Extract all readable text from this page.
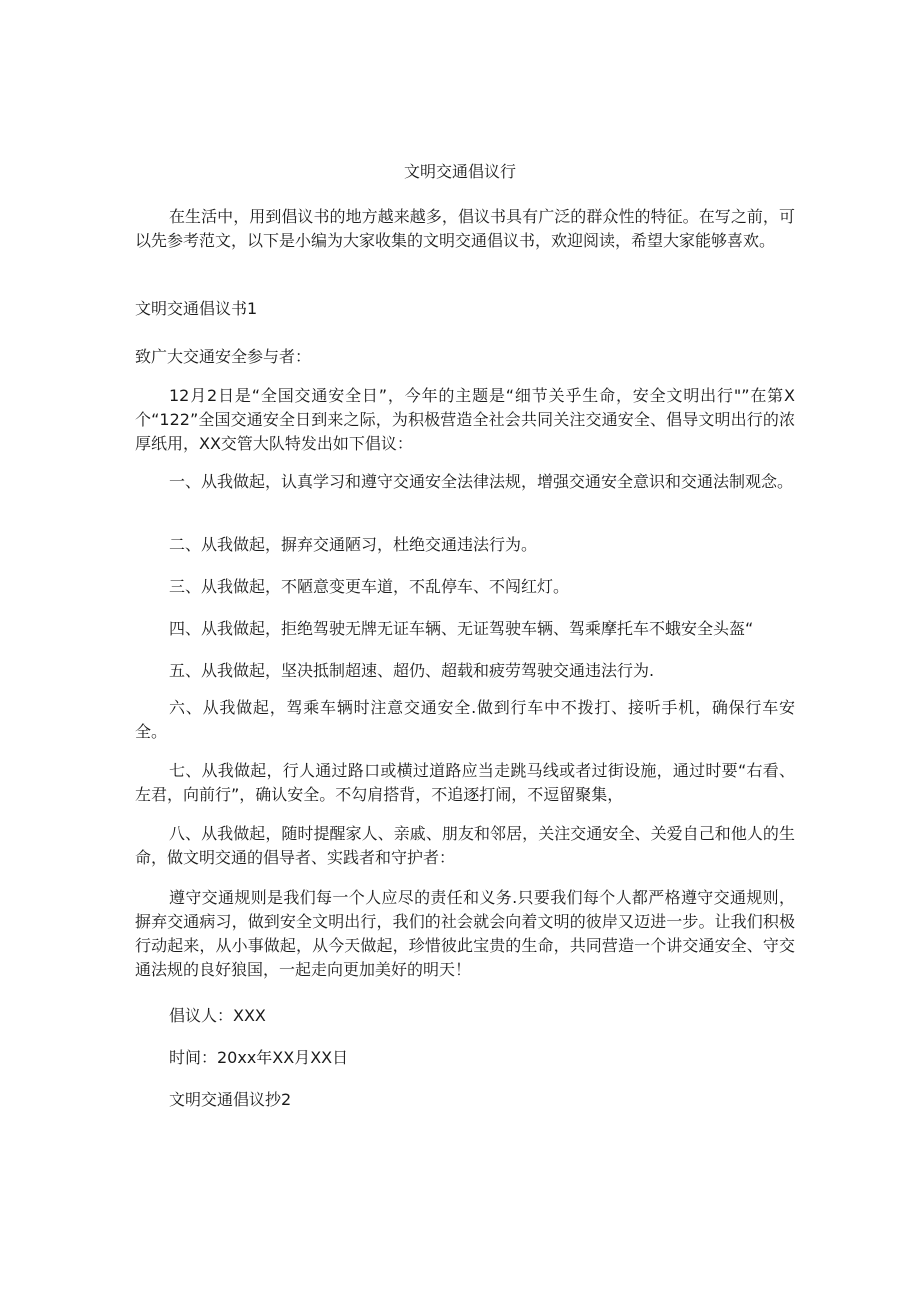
文明交通倡议行

在生活中，用到倡议书的地方越来越多，倡议书具有广泛的群众性的特征。在写之前，可以先参考范文，以下是小编为大家收集的文明交通倡议书，欢迎阅读，希望大家能够喜欢。

文明交通倡议书1

致广大交通安全参与者：

12月2日是“全国交通安全日”，今年的主题是“细节关乎生命，安全文明出行"”在第X个“122”全国交通安全日到来之际，为积极营造全社会共同关注交通安全、倡导文明出行的浓厚纸用，XX交管大队特发出如下倡议：

一、从我做起，认真学习和遵守交通安全法律法规，增强交通安全意识和交通法制观念。

二、从我做起，摒弃交通陋习，杜绝交通违法行为。

三、从我做起，不陋意变更车道，不乱停车、不闯红灯。

四、从我做起，拒绝驾驶无牌无证车辆、无证驾驶车辆、驾乘摩托车不蛾安全头盔“

五、从我做起，坚决抵制超速、超仍、超载和疲劳驾驶交通违法行为.

六、从我做起，驾乘车辆时注意交通安全.做到行车中不拨打、接听手机，确保行车安全。

七、从我做起，行人通过路口或横过道路应当走跳马线或者过街设施，通过时要“右看、左君，向前行”，确认安全。不勾肩搭背，不追逐打闹，不逗留聚集，

八、从我做起，随时提醒家人、亲戚、朋友和邻居，关注交通安全、关爱自己和他人的生命，做文明交通的倡导者、实践者和守护者：

遵守交通规则是我们每一个人应尽的责任和义务.只要我们每个人都严格遵守交通规则，摒弃交通病习，做到安全文明出行，我们的社会就会向着文明的彼岸又迈进一步。让我们积极行动起来，从小事做起，从今天做起，珍惜彼此宝贵的生命，共同营造一个讲交通安全、守交通法规的良好狼国，一起走向更加美好的明天！

倡议人：XXX

时间：20xx年XX月XX日

文明交通倡议抄2
